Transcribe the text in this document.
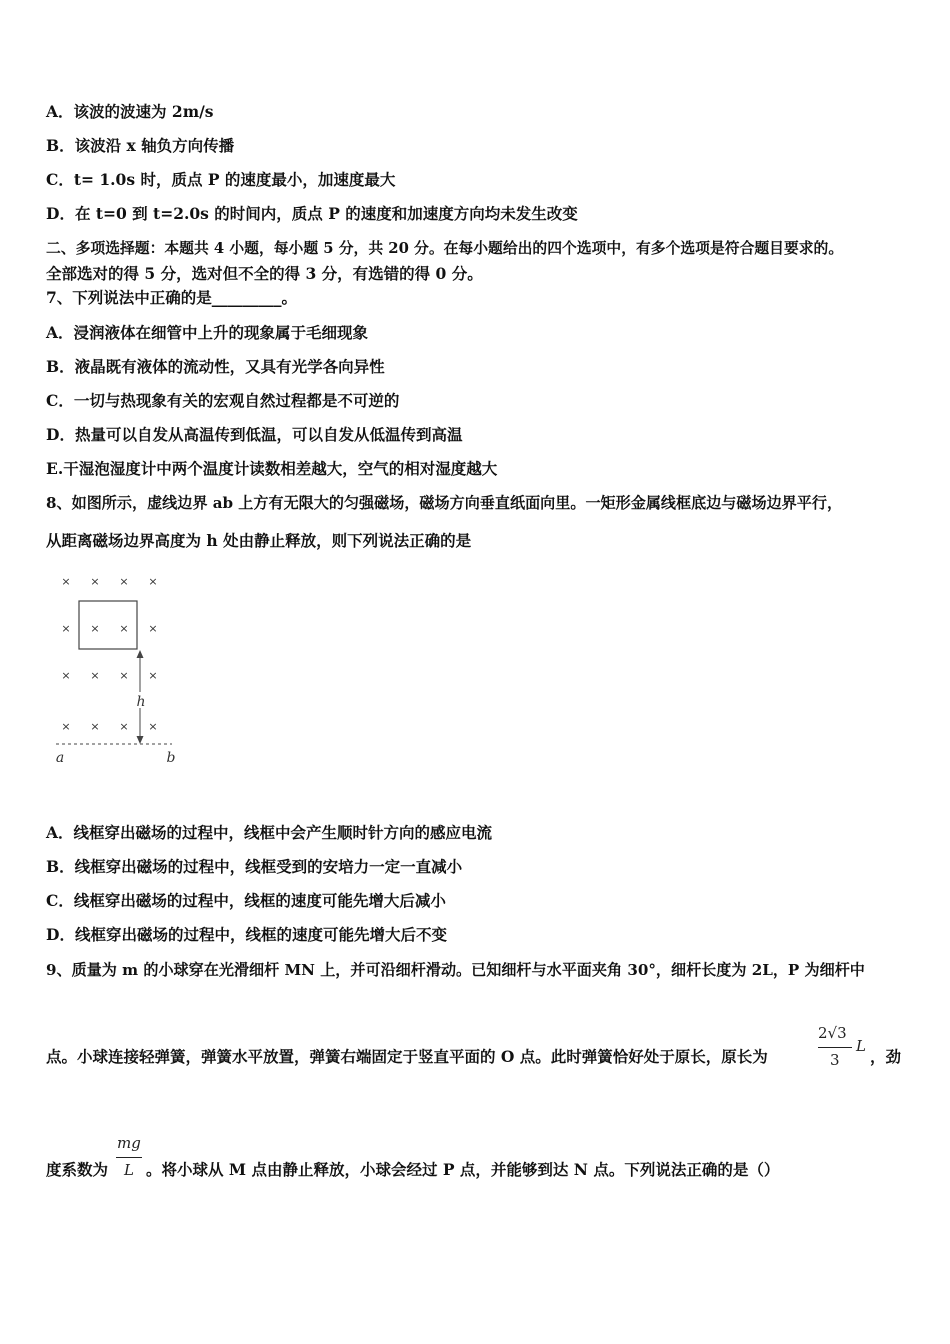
A．该波的波速为 2m/s
B．该波沿 x 轴负方向传播
C．t= 1.0s 时，质点 P 的速度最小，加速度最大
D．在 t=0 到 t=2.0s 的时间内，质点 P 的速度和加速度方向均未发生改变
二、多项选择题：本题共 4 小题，每小题 5 分，共 20 分。在每小题给出的四个选项中，有多个选项是符合题目要求的。
全部选对的得 5 分，选对但不全的得 3 分，有选错的得 0 分。
7、下列说法中正确的是_________。
A．浸润液体在细管中上升的现象属于毛细现象
B．液晶既有液体的流动性，又具有光学各向异性
C．一切与热现象有关的宏观自然过程都是不可逆的
D．热量可以自发从高温传到低温，可以自发从低温传到高温
E.干湿泡湿度计中两个温度计读数相差越大，空气的相对湿度越大
8、如图所示，虚线边界 ab 上方有无限大的匀强磁场，磁场方向垂直纸面向里。一矩形金属线框底边与磁场边界平行，
从距离磁场边界高度为 h 处由静止释放，则下列说法正确的是
× × × ×
× × × ×
× × × ×
× × × ×
h
a	b
A．线框穿出磁场的过程中，线框中会产生顺时针方向的感应电流
B．线框穿出磁场的过程中，线框受到的安培力一定一直减小
C．线框穿出磁场的过程中，线框的速度可能先增大后减小
D．线框穿出磁场的过程中，线框的速度可能先增大后不变
9、质量为 m 的小球穿在光滑细杆 MN 上，并可沿细杆滑动。已知细杆与水平面夹角 30°，细杆长度为 2L，P 为细杆中
点。小球连接轻弹簧，弹簧水平放置，弹簧右端固定于竖直平面的 O 点。此时弹簧恰好处于原长，原长为
2√3
3
L
，劲
度系数为
mg
L 。将小球从 M 点由静止释放，小球会经过 P 点，并能够到达 N 点。下列说法正确的是（）
